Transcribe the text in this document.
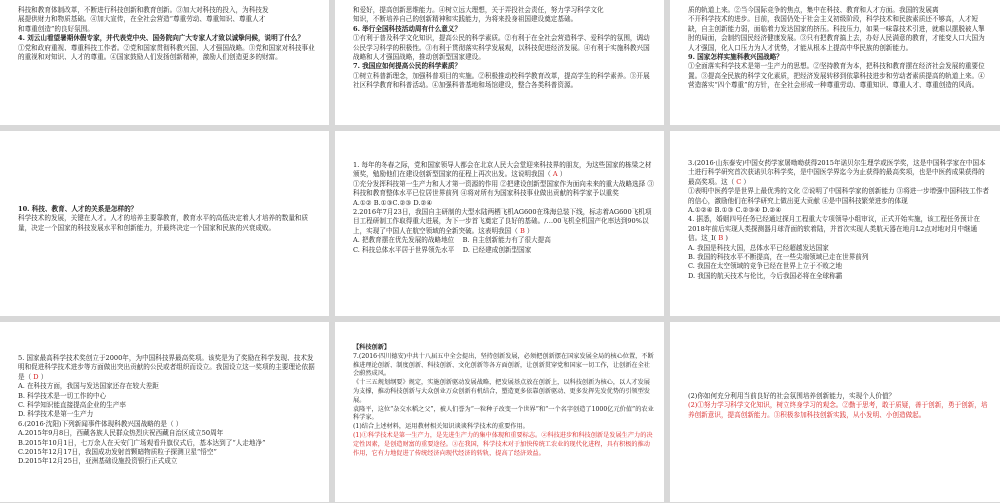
科技和教育体制改革，不断进行科技创新和教育创新。③加大对科技的投入，为科技发

展提供财力和物质基础。④加大宣传，在全社会营造“尊重劳动、尊重知识、尊重人才

和尊重创造”的良好氛围。

4. 刘云山看望暑期休假专家，并代表党中央、国务院向广大专家人才致以诚挚问候，说明了什么？

①党和政府重视、尊重科技工作者。②党和国家贯彻科教兴国、人才强国战略。③党和国家对科技事业的重视和对知识、人才的尊重。④国家鼓励人们发扬创新精神，激励人们创造更多的财富。

和爱好，提高创新思维能力。④树立远大理想，关于弄投社会责任，努力学习科学文化

知识，不断培养自己的创新精神和实践能力，为将来投身祖国建设奠定基础。

6. 举行全国科技活动周有什么意义？

①有利于普及科学文化知识，提高公民的科学素质。②有利于在全社会营造科学、爱科学的氛围，调动公民学习科学的积极性。③有利于贯彻落实科学发展观，以科技促进经济发展。④有利于实施科教兴国战略和人才强国战略，推动创新型国家建设。

7. 我国应如何提高公民的科学素质？

①树立科普新理念，加强科普项目的实施。②积极推动校科学教育改革，提高学生的科学素养。③开展社区科学教育和科普活动。④加强科普基地和场馆建设，整合各类科普资源。

质的轨道上来。②当今国际竞争的焦点，集中在科技、教育和人才方面。我国的发展离

不开科学技术的进步。目前，我国仍处于社会主义初级阶段，科学技术和民族素质还不够高，人才短缺，自主创新能力弱，面临着力发达国家的挤压。科技压力，如果一味靠技术引进，就难以摆脱被人掣肘的局面，会制约国民经济健康发展。③只有把教育搞上去，办好人民满意的教育，才能变人口大国为人才强国，化人口压力为人才优势，才能从根本上提高中华民族的创新能力。

9. 国家怎样实施科教兴国战略？

①全面落实科学技术是第一生产力的思想。②坚持教育为本，把科技和教育摆在经济社会发展的重要位置。③提高全民族的科学文化素质，把经济发展转移到依靠科技进步和劳动者素质提高的轨道上来。④营造落实“四个尊重”的方针，在全社会形成一种尊重劳动、尊重知识、尊重人才、尊重创造的风尚。

10. 科技、教育、人才的关系是怎样的？

科学技术的发展，关键在人才。人才的培养主要靠教育，教育水平的高低决定着人才培养的数量和质量，决定一个国家的科技发展水平和创新能力，并最终决定一个国家和民族的兴衰成败。

1. 每年的冬春之际，党和国家领导人都会在北京人民大会堂迎来科技界的朋友，为这些国家的栋梁之材颁奖，勉励他们在建设创新型国家的征程上再次出发。这说明我国（ A ）

①充分发挥科技第一生产力和人才第一资源的作用 ②把建设创新型国家作为面向未来的重大战略选择 ③科技和教育整体水平已位居世界前列 ④将对所有为国家科技事业做出贡献的科学家予以重奖

A.①② B.①③C.②③ D.②④

2.2016年7月23日，我国自主研制的大型水陆两栖飞机AG600在珠海总装下线，标志着AG600飞机项目工程研制工作取得重大进展，为下一步首飞奠定了良好的基础。/…00飞机全机国产化率达到90%以上，实现了中国人在航空领域的全新突破。这表明我国（ B ）

A. 把教育摆在优先发展的战略地位 B. 自主创新能力有了很大提高

C. 科技总体水平居于世界领先水平 D. 已经建成创新型国家

3.(2016·山东泰安)中国女药学家屠呦呦获得2015年诺贝尔生理学或医学奖，这是中国科学家在中国本土进行科学研究首次获诺贝尔科学奖，是中国医学界迄今为止获得的最高奖项，也是中医药成果获得的最高奖项。这（ C ）

①表明中医药学是世界上最优秀的文化 ②说明了中国科学家的创新能力 ③将进一步增强中国科技工作者的信心，激励他们在科学研究上做出更大贡献 ④是中国科技繁荣进步的体现

A.①②④ B.①③ C.②③④ D.②④

4. 据悉，婚姻四号任务已经通过探月工程重大专项领导小组审议，正式开始实施，该工程任务预计在2018年前后实现人类探测器月球背面的软着陆，并首次实现人类航天器在地月L2点对地对月中继通信。这_I( B )

A. 我国是科技大国，总体水平已经超越发达国家

B. 我国的科技水平不断提高，在一些尖端领域已走在世界前列

C. 我国在太空领域的竞争已经在世界上立于不败之地

D. 我国的航天技术与伦比，今后我国必将在全球称霸

5. 国家最高科学技术奖创立于2000年，为中国科技界最高奖项。该奖是为了奖励在科学发现、技术发明和促进科学技术进步等方面做出突出贡献的公民或者组织而设立。我国设立这一奖项的主要理论依据是（ D ）

A. 在科技方面，我国与发达国家还存在较大差距

B. 科学技术是一切工作的中心

C. 科学知识能直接提高企业的生产率

D. 科学技术是第一生产力

6.(2016·沈阳)下列新闻事件体现科教兴国战略的是（ ）

A.2015年9月8日，西藏各族人民群众热烈庆祝西藏自治区成立50周年

B.2015年10月1日，七万余人在天安门广场观看升旗仪式后，基本达到了“人走地净”

C.2015年12月17日，我国成功发射首颗暗物质粒子探测卫星“悟空”

D.2015年12月25日，亚洲基础设施投资银行正式成立

【科技创新】

7.(2016·四川德安)中共十八届五中全会提出，坚持创新发展，必须把创新摆在国家发展全局的核心位置，不断推进理论创新、制度创新、科技创新、文化创新等各方面创新，让创新贯穿党和国家一切工作，让创新在全社会蔚然成风。

《十三五规划纲要》规定，实施创新驱动发展战略，把发展基点放在创新上，以科技创新为核心，以人才发展为支撑，推动科技创新与大众创业万众创新有机结合，塑造更多依靠创新驱动、更多发挥先发优势的引领型发展。

袁隆平，这位“杂交水稻之父”，被人们誉为“一粒种子改变一个世界”和“一个名字创造了1000亿元价值”的农业科学家。

(1)结合上述材料，运用教材相关知识谈谈科学技术的重要作用。

(1)①科学技术是第一生产力，是先进生产力的集中体现和重要标志。②科技进步和科技创新是发展生产力的决定性因素，是创造财富的重要途径。③在我国，科学技术对于加快传统工农业的现代化进程，具有积极的推动作用，它有力地促进了传统经济向现代经济的转轨，提高了经济效益。

(2)你如何充分利用当前良好的社会氛围培养创新能力，实现个人价值？

(2)①努力学习科学文化知识，树立终身学习的观念。②勤于思考，敢于质疑，善于创新，勇于创新，培养创新意识，提高创新能力。③积极参加科技创新实践，从小发明、小创造做起。
